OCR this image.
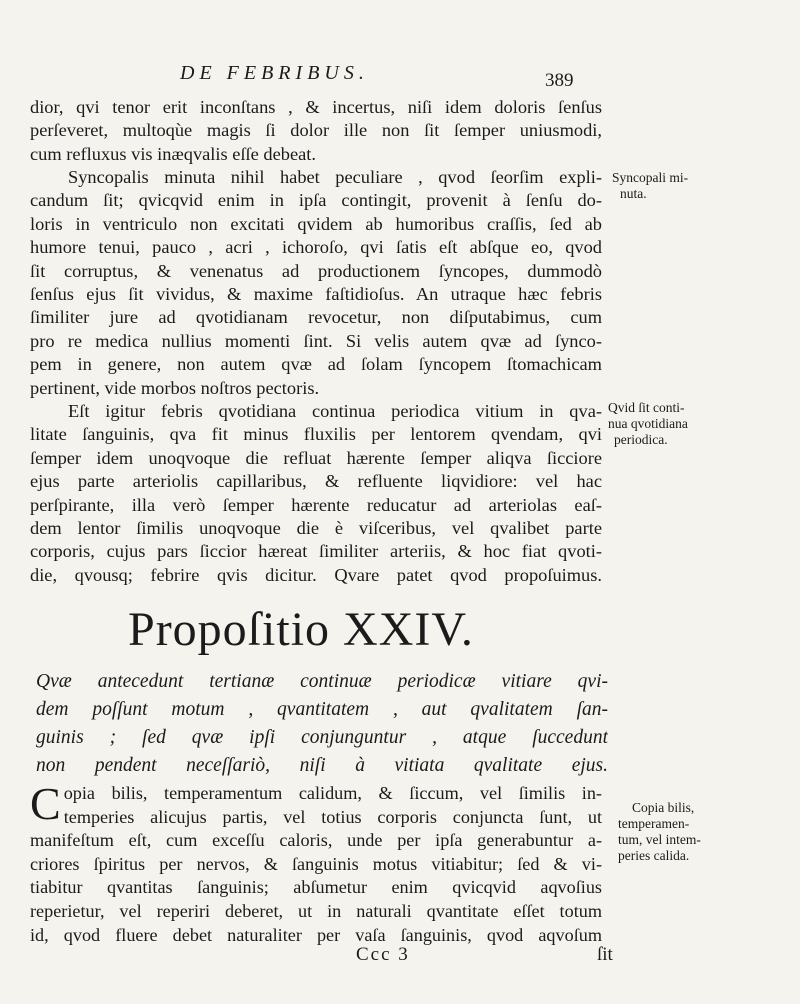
DE FEBRIBUS.	389
dior, qvi tenor erit inconſtans , & incertus, niſi idem doloris ſenſus
perſeveret, multoqùe magis ſi dolor ille non ſit ſemper uniusmodi,
cum refluxus vis inæqvalis eſſe debeat.
Syncopalis minuta nihil habet peculiare , qvod ſeorſim expli-
candum ſit; qvicqvid enim in ipſa contingit, provenit à ſenſu do-
loris in ventriculo non excitati qvidem ab humoribus craſſis, ſed ab
humore tenui, pauco , acri , ichoroſo, qvi ſatis eſt abſque eo, qvod
ſit corruptus, & venenatus ad productionem ſyncopes, dummodò
ſenſus ejus ſit vividus, & maxime faſtidioſus. An utraque hæc febris
ſimiliter jure ad qvotidianam revocetur, non diſputabimus, cum
pro re medica nullius momenti ſint. Si velis autem qvæ ad ſynco-
pem in genere, non autem qvæ ad ſolam ſyncopem ſtomachicam
pertinent, vide morbos noſtros pectoris.
Eſt igitur febris qvotidiana continua periodica vitium in qva-
litate ſanguinis, qva fit minus fluxilis per lentorem qvendam, qvi
ſemper idem unoqvoque die refluat hærente ſemper aliqva ſicciore
ejus parte arteriolis capillaribus, & refluente liqvidiore: vel hac
perſpirante, illa verò ſemper hærente reducatur ad arteriolas eaſ-
dem lentor ſimilis unoqvoque die è viſceribus, vel qvalibet parte
corporis, cujus pars ſiccior hæreat ſimiliter arteriis, & hoc fiat qvoti-
die, qvousq; febrire qvis dicitur. Qvare patet qvod propoſuimus.
Propoſitio XXIV.
Qvæ antecedunt tertianæ continuæ periodicæ vitiare qvi-
dem poſſunt motum , qvantitatem , aut qvalitatem ſan-
guinis ; ſed qvæ ipſi conjunguntur , atque ſuccedunt
non pendent neceſſariò, niſi à vitiata qvalitate ejus.
C opia bilis, temperamentum calidum, & ſiccum, vel ſimilis in-
temperies alicujus partis, vel totius corporis conjuncta ſunt, ut
manifeſtum eſt, cum exceſſu caloris, unde per ipſa generabuntur a-
criores ſpiritus per nervos, & ſanguinis motus vitiabitur; ſed & vi-
tiabitur qvantitas ſanguinis; abſumetur enim qvicqvid aqvoſius
reperietur, vel reperiri deberet, ut in naturali qvantitate eſſet totum
id, qvod fluere debet naturaliter per vaſa ſanguinis, qvod aqvoſum
Syncopali mi-
nuta.
Qvid ſit conti-
nua qvotidiana
periodica.
Copia bilis,
temperamen-
tum, vel intem-
peries calida.
Ccc 3	ſit
